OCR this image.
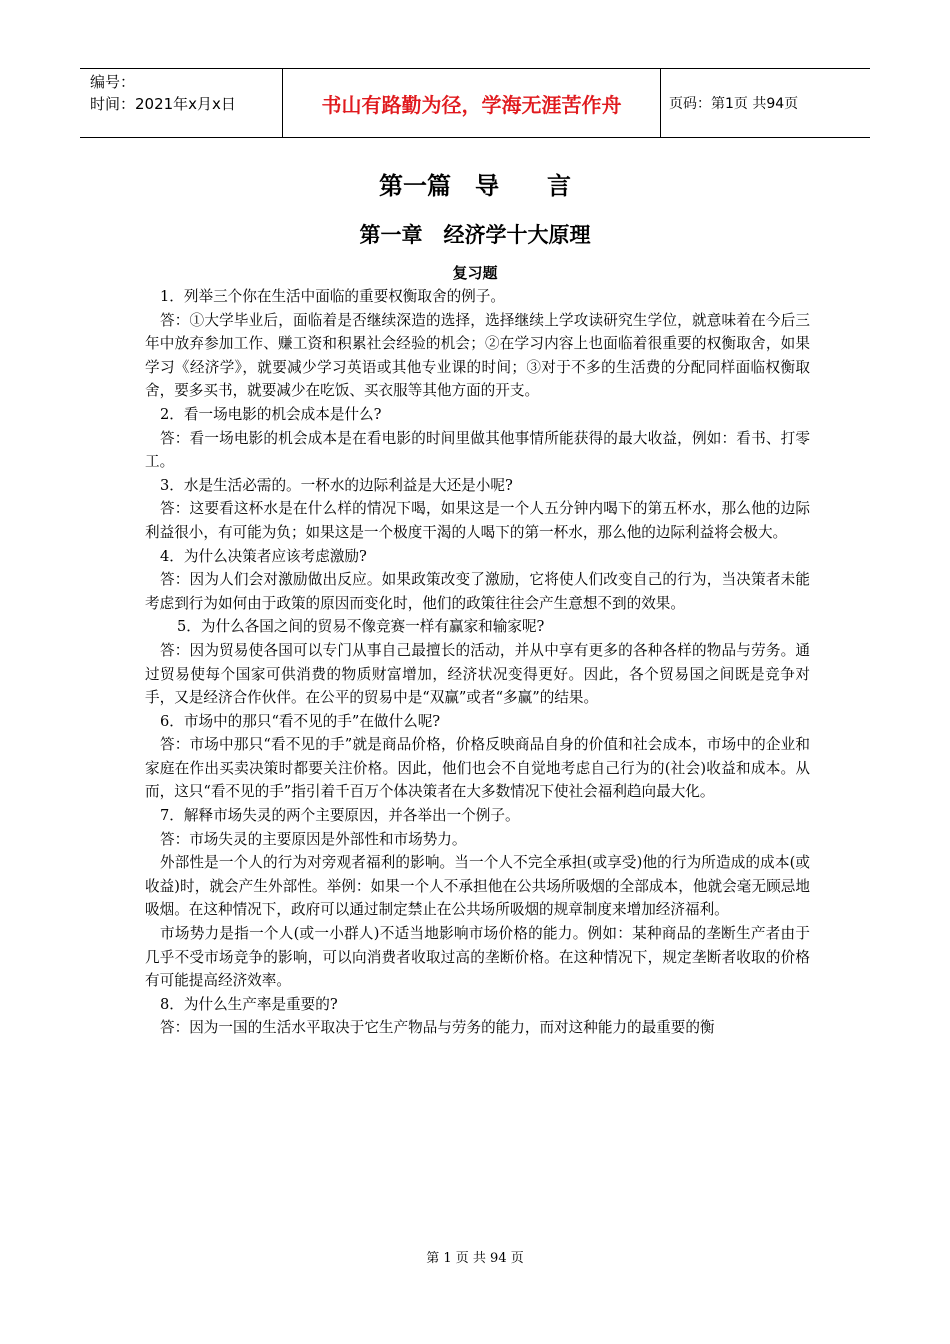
编号：
时间：2021年x月x日	书山有路勤为径，学海无涯苦作舟	页码：第1页 共94页
第一篇　导　　言
第一章　经济学十大原理
复习题

1．列举三个你在生活中面临的重要权衡取舍的例子。

答：①大学毕业后，面临着是否继续深造的选择，选择继续上学攻读研究生学位，就意味着在今后三年中放弃参加工作、赚工资和积累社会经验的机会；②在学习内容上也面临着很重要的权衡取舍，如果学习《经济学》，就要减少学习英语或其他专业课的时间；③对于不多的生活费的分配同样面临权衡取舍，要多买书，就要减少在吃饭、买衣服等其他方面的开支。

2．看一场电影的机会成本是什么?

答：看一场电影的机会成本是在看电影的时间里做其他事情所能获得的最大收益，例如：看书、打零工。

3．水是生活必需的。一杯水的边际利益是大还是小呢?

答：这要看这杯水是在什么样的情况下喝，如果这是一个人五分钟内喝下的第五杯水，那么他的边际利益很小，有可能为负；如果这是一个极度干渴的人喝下的第一杯水，那么他的边际利益将会极大。

4．为什么决策者应该考虑激励?

答：因为人们会对激励做出反应。如果政策改变了激励，它将使人们改变自己的行为，当决策者未能考虑到行为如何由于政策的原因而变化时，他们的政策往往会产生意想不到的效果。

5．为什么各国之间的贸易不像竞赛一样有赢家和输家呢?

答：因为贸易使各国可以专门从事自己最擅长的活动，并从中享有更多的各种各样的物品与劳务。通过贸易使每个国家可供消费的物质财富增加，经济状况变得更好。因此，各个贸易国之间既是竞争对手，又是经济合作伙伴。在公平的贸易中是“双赢”或者“多赢”的结果。

6．市场中的那只“看不见的手”在做什么呢?

答：市场中那只“看不见的手”就是商品价格，价格反映商品自身的价值和社会成本，市场中的企业和家庭在作出买卖决策时都要关注价格。因此，他们也会不自觉地考虑自己行为的(社会)收益和成本。从而，这只“看不见的手”指引着千百万个体决策者在大多数情况下使社会福利趋向最大化。

7．解释市场失灵的两个主要原因，并各举出一个例子。

答：市场失灵的主要原因是外部性和市场势力。

外部性是一个人的行为对旁观者福利的影响。当一个人不完全承担(或享受)他的行为所造成的成本(或收益)时，就会产生外部性。举例：如果一个人不承担他在公共场所吸烟的全部成本，他就会毫无顾忌地吸烟。在这种情况下，政府可以通过制定禁止在公共场所吸烟的规章制度来增加经济福利。

市场势力是指一个人(或一小群人)不适当地影响市场价格的能力。例如：某种商品的垄断生产者由于几乎不受市场竞争的影响，可以向消费者收取过高的垄断价格。在这种情况下，规定垄断者收取的价格有可能提高经济效率。

8．为什么生产率是重要的?

答：因为一国的生活水平取决于它生产物品与劳务的能力，而对这种能力的最重要的衡

第 1 页 共 94 页
